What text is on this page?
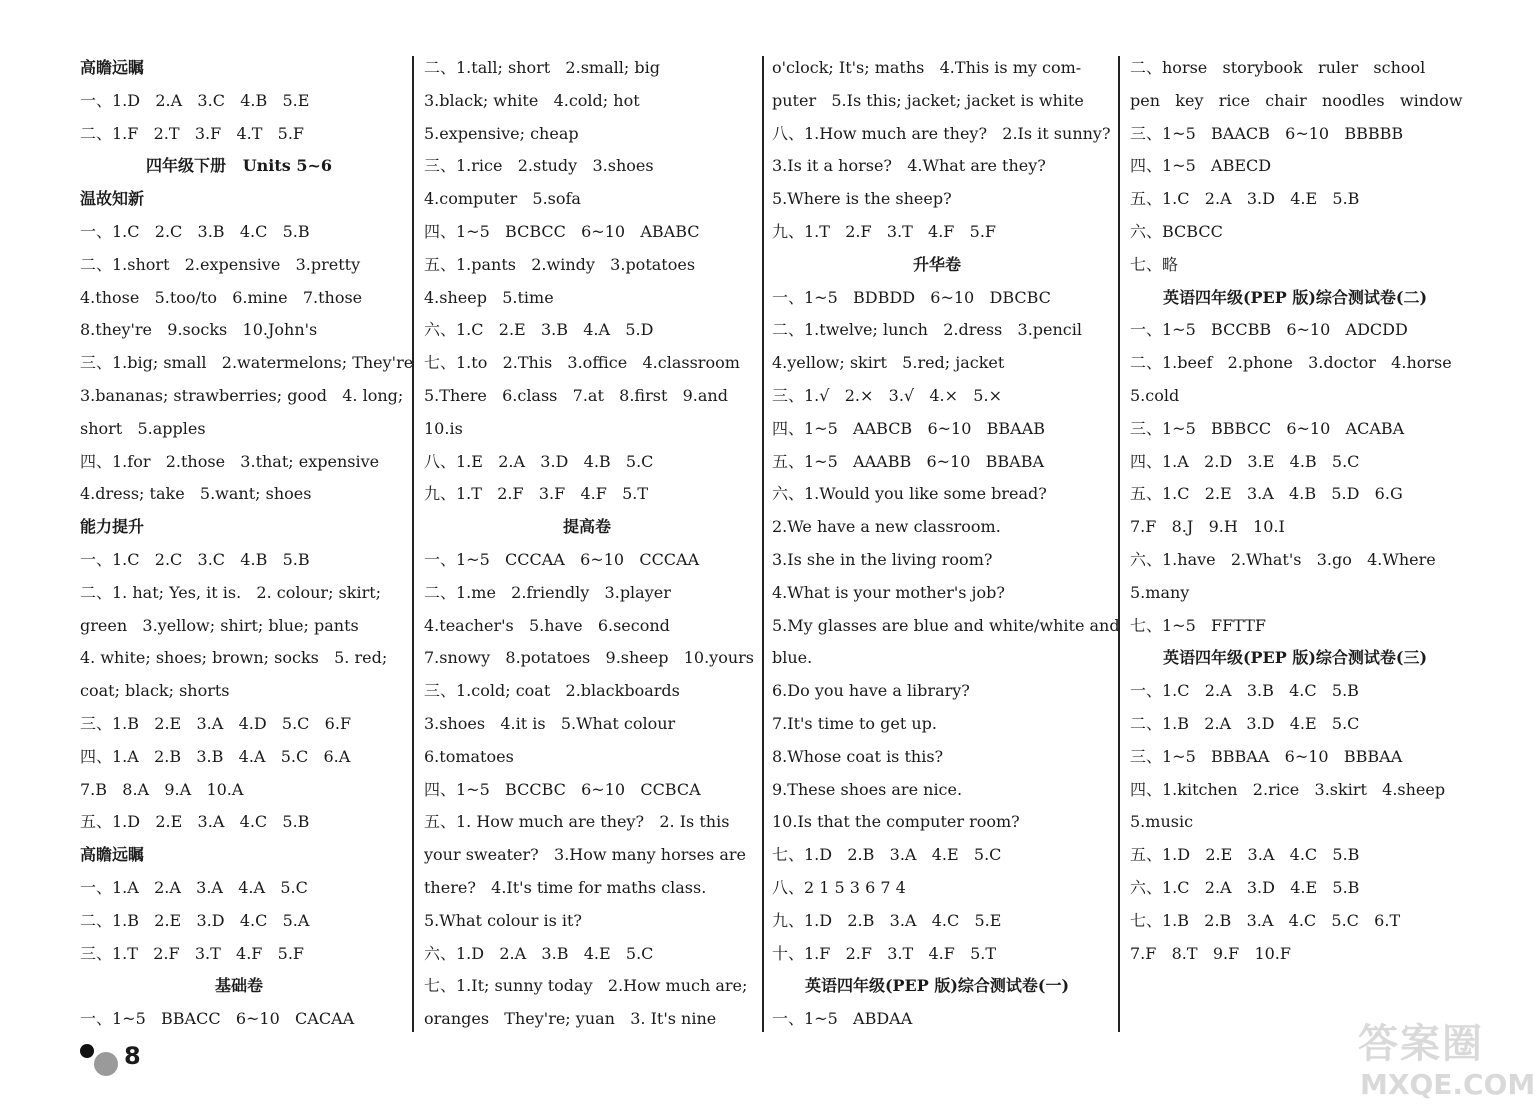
高瞻远瞩
一、1.D   2.A   3.C   4.B   5.E
二、1.F   2.T   3.F   4.T   5.F
四年级下册   Units 5~6
温故知新
一、1.C   2.C   3.B   4.C   5.B
二、1.short   2.expensive   3.pretty
4.those   5.too/to   6.mine   7.those
8.they're   9.socks   10.John's
三、1.big; small   2.watermelons; They're
3.bananas; strawberries; good   4. long;
short   5.apples
四、1.for   2.those   3.that; expensive
4.dress; take   5.want; shoes
能力提升
一、1.C   2.C   3.C   4.B   5.B
二、1. hat; Yes, it is.   2. colour; skirt;
green   3.yellow; shirt; blue; pants
4. white; shoes; brown; socks   5. red;
coat; black; shorts
三、1.B   2.E   3.A   4.D   5.C   6.F
四、1.A   2.B   3.B   4.A   5.C   6.A
7.B   8.A   9.A   10.A
五、1.D   2.E   3.A   4.C   5.B
高瞻远瞩
一、1.A   2.A   3.A   4.A   5.C
二、1.B   2.E   3.D   4.C   5.A
三、1.T   2.F   3.T   4.F   5.F
基础卷
一、1~5   BBACC   6~10   CACAA
二、1.tall; short   2.small; big
3.black; white   4.cold; hot
5.expensive; cheap
三、1.rice   2.study   3.shoes
4.computer   5.sofa
四、1~5   BCBCC   6~10   ABABC
五、1.pants   2.windy   3.potatoes
4.sheep   5.time
六、1.C   2.E   3.B   4.A   5.D
七、1.to   2.This   3.office   4.classroom
5.There   6.class   7.at   8.first   9.and
10.is
八、1.E   2.A   3.D   4.B   5.C
九、1.T   2.F   3.F   4.F   5.T
提高卷
一、1~5   CCCAA   6~10   CCCAA
二、1.me   2.friendly   3.player
4.teacher's   5.have   6.second
7.snowy   8.potatoes   9.sheep   10.yours
三、1.cold; coat   2.blackboards
3.shoes   4.it is   5.What colour
6.tomatoes
四、1~5   BCCBC   6~10   CCBCA
五、1. How much are they?   2. Is this
your sweater?   3.How many horses are
there?   4.It's time for maths class.
5.What colour is it?
六、1.D   2.A   3.B   4.E   5.C
七、1.It; sunny today   2.How much are;
oranges   They're; yuan   3. It's nine
o'clock; It's; maths   4.This is my com-
puter   5.Is this; jacket; jacket is white
八、1.How much are they?   2.Is it sunny?
3.Is it a horse?   4.What are they?
5.Where is the sheep?
九、1.T   2.F   3.T   4.F   5.F
升华卷
一、1~5   BDBDD   6~10   DBCBC
二、1.twelve; lunch   2.dress   3.pencil
4.yellow; skirt   5.red; jacket
三、1.√   2.×   3.√   4.×   5.×
四、1~5   AABCB   6~10   BBAAB
五、1~5   AAABB   6~10   BBABA
六、1.Would you like some bread?
2.We have a new classroom.
3.Is she in the living room?
4.What is your mother's job?
5.My glasses are blue and white/white and
blue.
6.Do you have a library?
7.It's time to get up.
8.Whose coat is this?
9.These shoes are nice.
10.Is that the computer room?
七、1.D   2.B   3.A   4.E   5.C
八、2 1 5 3 6 7 4
九、1.D   2.B   3.A   4.C   5.E
十、1.F   2.F   3.T   4.F   5.T
英语四年级(PEP 版)综合测试卷(一)
一、1~5   ABDAA
二、horse   storybook   ruler   school
pen   key   rice   chair   noodles   window
三、1~5   BAACB   6~10   BBBBB
四、1~5   ABECD
五、1.C   2.A   3.D   4.E   5.B
六、BCBCC
七、略
英语四年级(PEP 版)综合测试卷(二)
一、1~5   BCCBB   6~10   ADCDD
二、1.beef   2.phone   3.doctor   4.horse
5.cold
三、1~5   BBBCC   6~10   ACABA
四、1.A   2.D   3.E   4.B   5.C
五、1.C   2.E   3.A   4.B   5.D   6.G
7.F   8.J   9.H   10.I
六、1.have   2.What's   3.go   4.Where
5.many
七、1~5   FFTTF
英语四年级(PEP 版)综合测试卷(三)
一、1.C   2.A   3.B   4.C   5.B
二、1.B   2.A   3.D   4.E   5.C
三、1~5   BBBAA   6~10   BBBAA
四、1.kitchen   2.rice   3.skirt   4.sheep
5.music
五、1.D   2.E   3.A   4.C   5.B
六、1.C   2.A   3.D   4.E   5.B
七、1.B   2.B   3.A   4.C   5.C   6.T
7.F   8.T   9.F   10.F
8	答案圈
MXQE.COM
